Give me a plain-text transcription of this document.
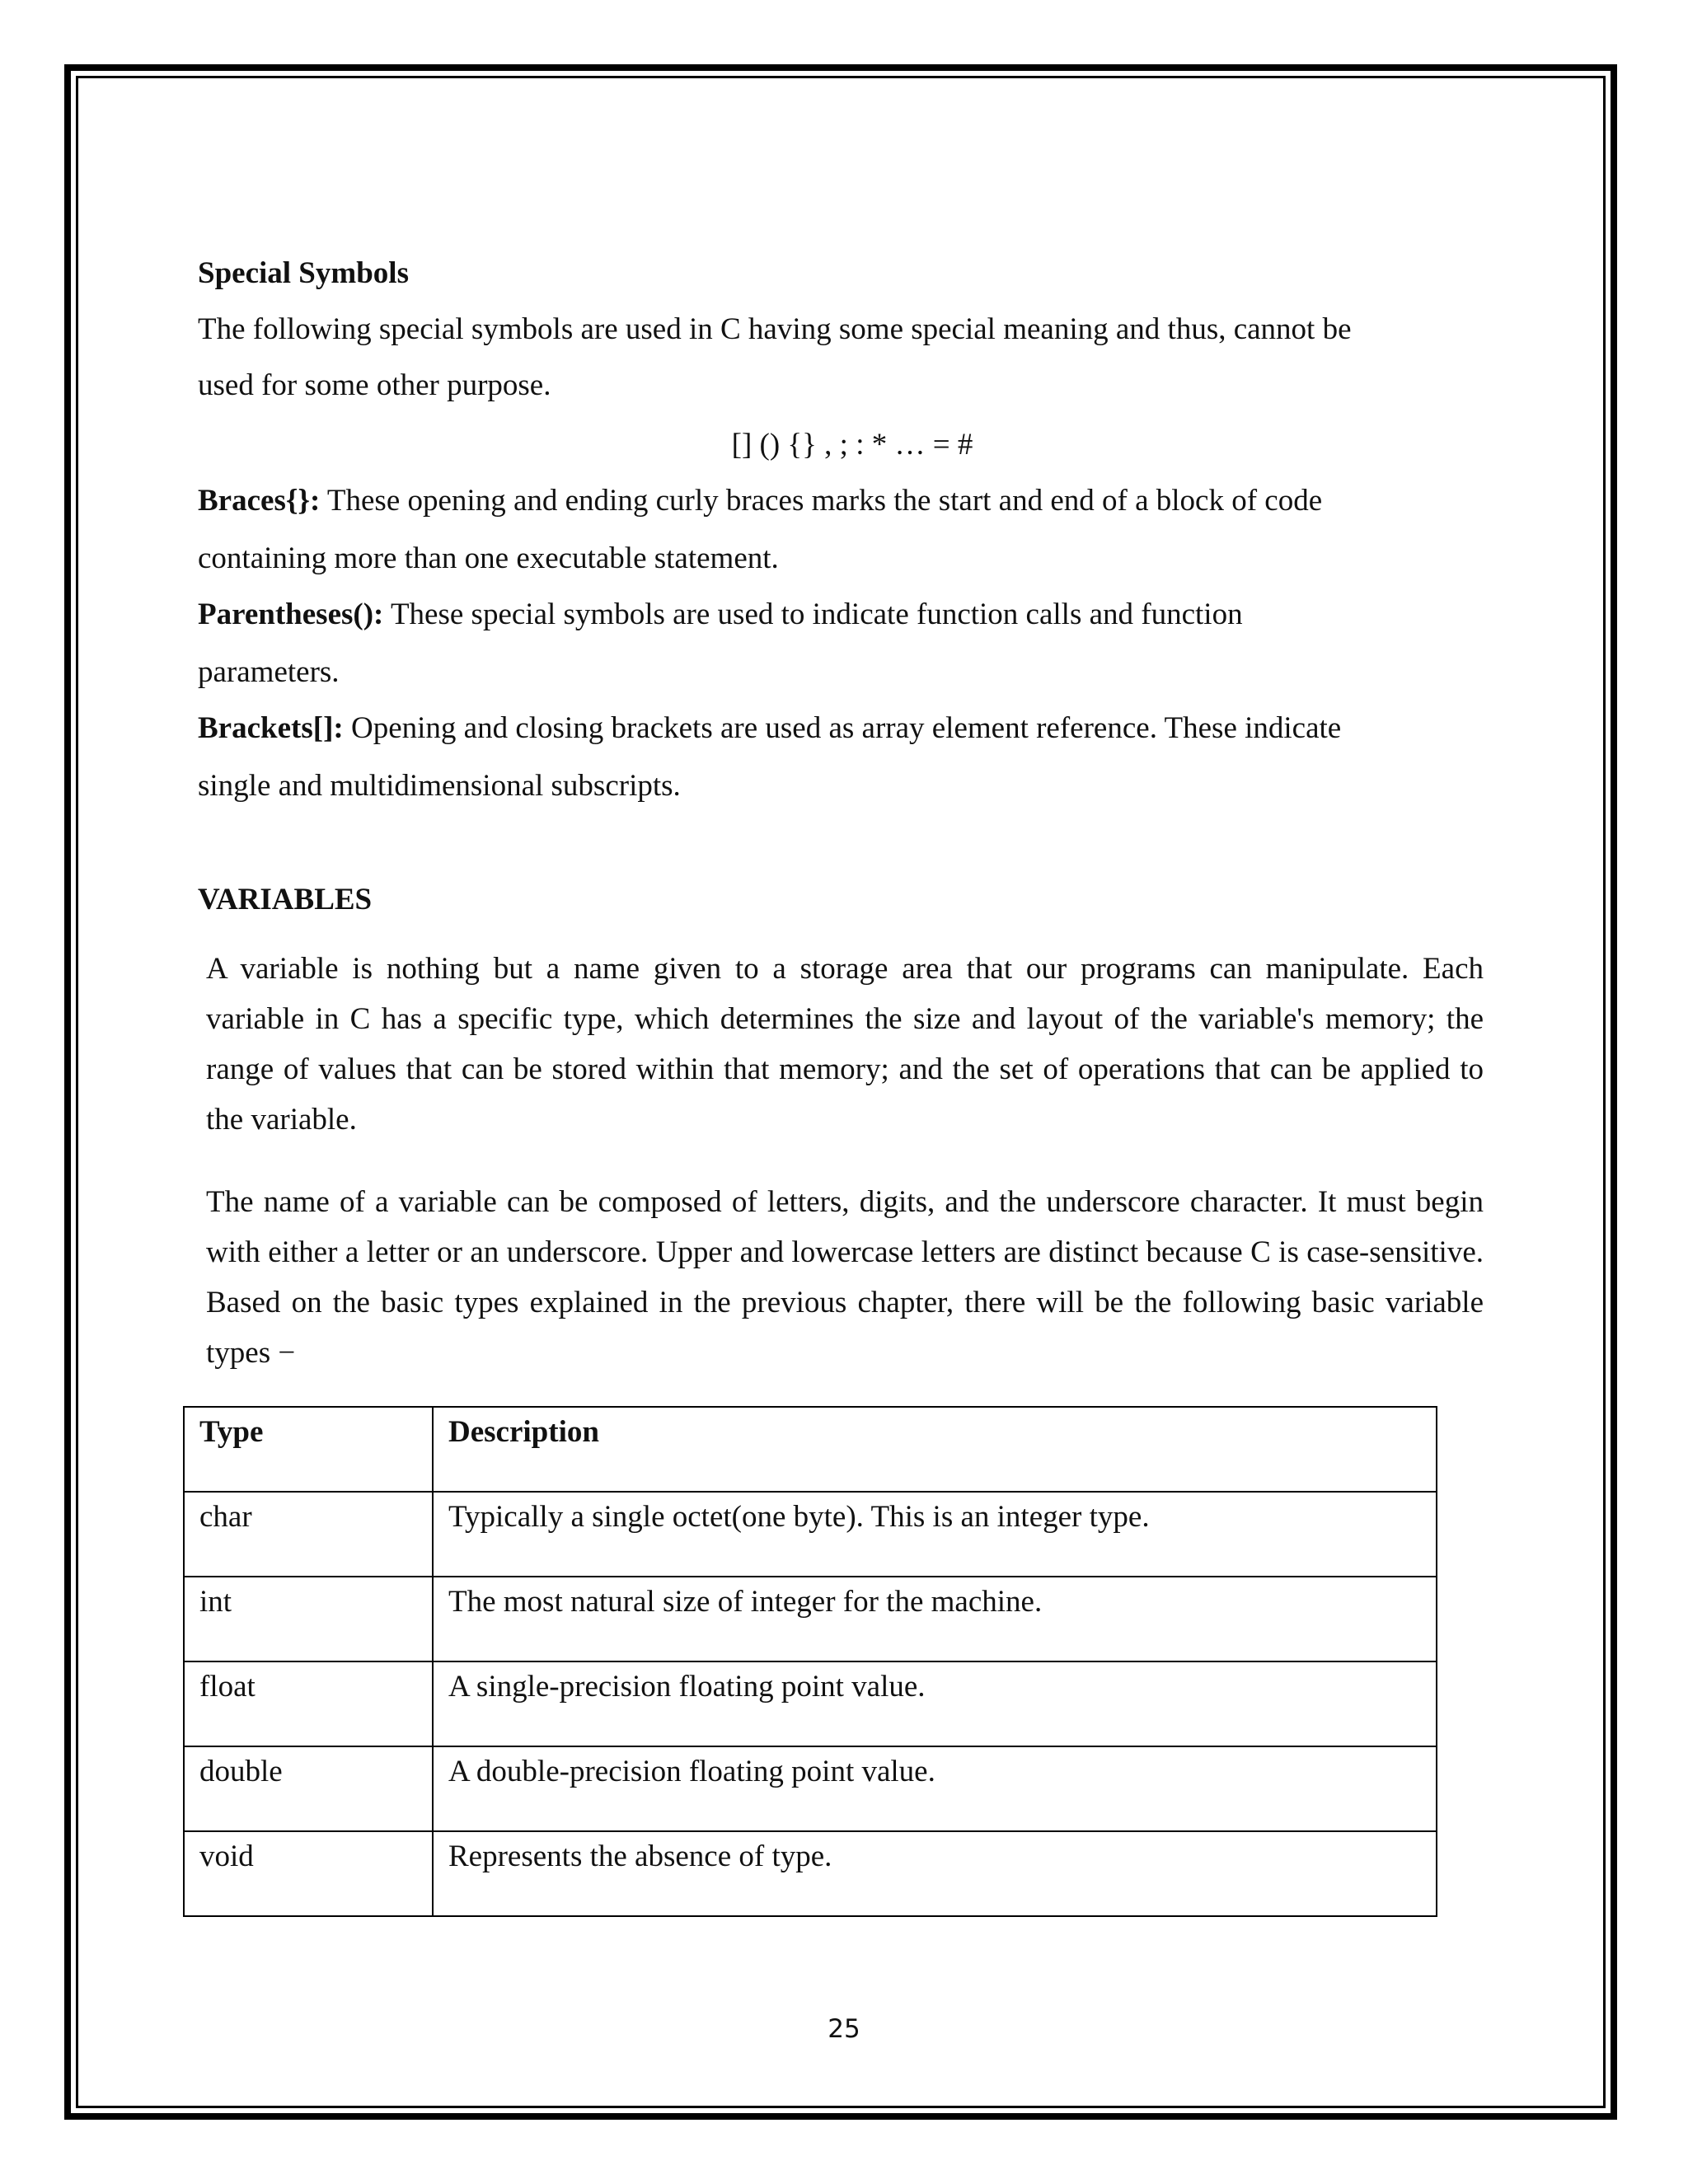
Special Symbols
The following special symbols are used in C having some special meaning and thus, cannot be
used for some other purpose.
[] () {} , ; : * … = #
Braces{}: These opening and ending curly braces marks the start and end of a block of code
containing more than one executable statement.
Parentheses(): These special symbols are used to indicate function calls and function
parameters.
Brackets[]: Opening and closing brackets are used as array element reference. These indicate
single and multidimensional subscripts.
VARIABLES
A variable is nothing but a name given to a storage area that our programs can manipulate. Each variable in C has a specific type, which determines the size and layout of the variable's memory; the range of values that can be stored within that memory; and the set of operations that can be applied to the variable.
The name of a variable can be composed of letters, digits, and the underscore character. It must begin with either a letter or an underscore. Upper and lowercase letters are distinct because C is case-sensitive. Based on the basic types explained in the previous chapter, there will be the following basic variable types −
Type	Description
char	Typically a single octet(one byte). This is an integer type.
int	The most natural size of integer for the machine.
float	A single-precision floating point value.
double	A double-precision floating point value.
void	Represents the absence of type.
25
